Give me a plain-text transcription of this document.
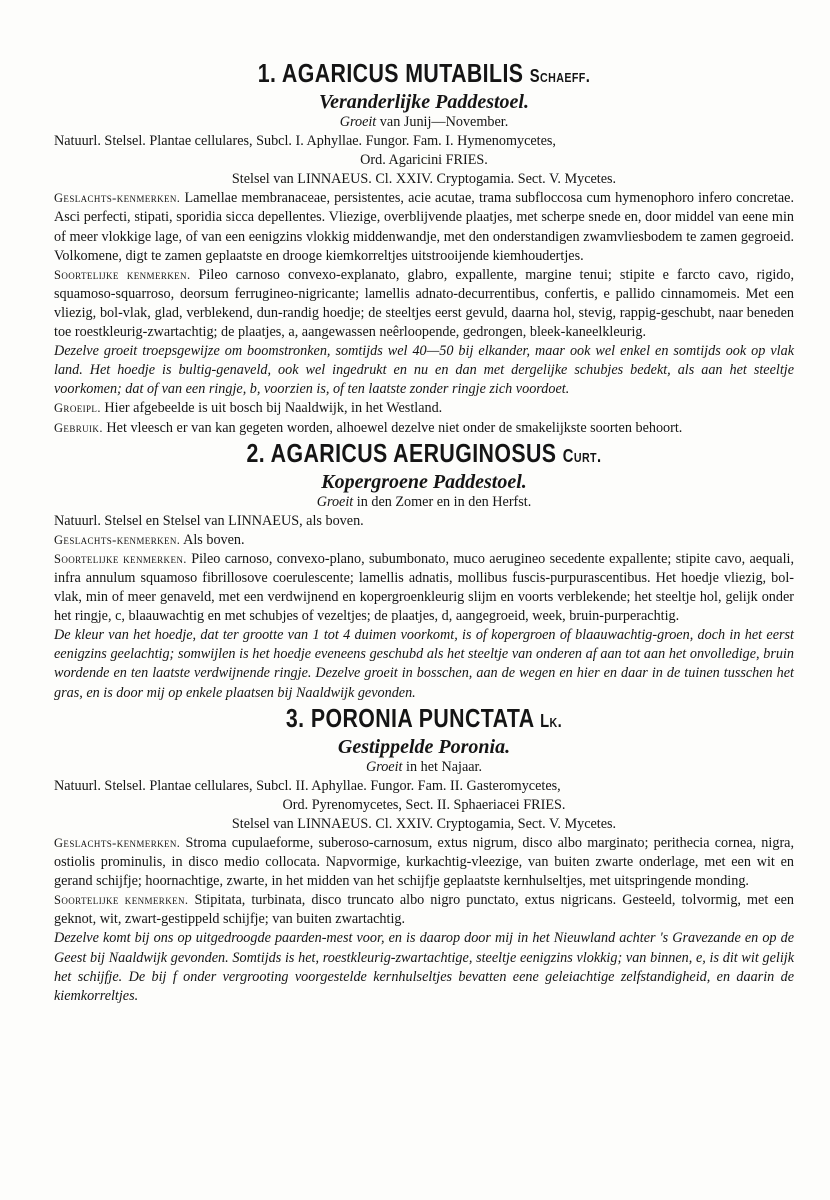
1. AGARICUS MUTABILIS Schaeff.
Veranderlijke Paddestoel.

Groeit van Junij—November.

Natuurl. Stelsel. Plantae cellulares, Subcl. I. Aphyllae. Fungor. Fam. I. Hymenomycetes,

Ord. Agaricini FRIES.

Stelsel van LINNAEUS. Cl. XXIV. Cryptogamia. Sect. V. Mycetes.

Geslachts-kenmerken. Lamellae membranaceae, persistentes, acie acutae, trama subfloccosa cum hymenophoro infero concretae. Asci perfecti, stipati, sporidia sicca depellentes. Vliezige, overblijvende plaatjes, met scherpe snede en, door middel van eene min of meer vlokkige lage, of van een eenigzins vlokkig middenwandje, met den onderstandigen zwamvliesbodem te zamen gegroeid. Volkomene, digt te zamen geplaatste en drooge kiemkorreltjes uitstrooijende kiemhoudertjes.

Soortelijke kenmerken. Pileo carnoso convexo-explanato, glabro, expallente, margine tenui; stipite e farcto cavo, rigido, squamoso-squarroso, deorsum ferrugineo-nigricante; lamellis adnato-decurrentibus, confertis, e pallido cinnamomeis. Met een vliezig, bol-vlak, glad, verblekend, dun-randig hoedje; de steeltjes eerst gevuld, daarna hol, stevig, rappig-geschubt, naar beneden toe roestkleurig-zwartachtig; de plaatjes, a, aangewassen neêrloopende, gedrongen, bleek-kaneelkleurig.

Dezelve groeit troepsgewijze om boomstronken, somtijds wel 40—50 bij elkander, maar ook wel enkel en somtijds ook op vlak land. Het hoedje is bultig-genaveld, ook wel ingedrukt en nu en dan met dergelijke schubjes bedekt, als aan het steeltje voorkomen; dat of van een ringje, b, voorzien is, of ten laatste zonder ringje zich voordoet.

Groeipl. Hier afgebeelde is uit bosch bij Naaldwijk, in het Westland.

Gebruik. Het vleesch er van kan gegeten worden, alhoewel dezelve niet onder de smakelijkste soorten behoort.

2. AGARICUS AERUGINOSUS Curt.
Kopergroene Paddestoel.

Groeit in den Zomer en in den Herfst.

Natuurl. Stelsel en Stelsel van LINNAEUS, als boven.

Geslachts-kenmerken. Als boven.

Soortelijke kenmerken. Pileo carnoso, convexo-plano, subumbonato, muco aerugineo secedente expallente; stipite cavo, aequali, infra annulum squamoso fibrillosove coerulescente; lamellis adnatis, mollibus fuscis-purpurascentibus. Het hoedje vliezig, bol-vlak, min of meer genaveld, met een verdwijnend en kopergroenkleurig slijm en voorts verblekende; het steeltje hol, gelijk onder het ringje, c, blaauwachtig en met schubjes of vezeltjes; de plaatjes, d, aangegroeid, week, bruin-purperachtig.

De kleur van het hoedje, dat ter grootte van 1 tot 4 duimen voorkomt, is of kopergroen of blaauwachtig-groen, doch in het eerst eenigzins geelachtig; somwijlen is het hoedje eveneens geschubd als het steeltje van onderen af aan tot aan het onvolledige, bruin wordende en ten laatste verdwijnende ringje. Dezelve groeit in bosschen, aan de wegen en hier en daar in de tuinen tusschen het gras, en is door mij op enkele plaatsen bij Naaldwijk gevonden.

3. PORONIA PUNCTATA Lk.
Gestippelde Poronia.

Groeit in het Najaar.

Natuurl. Stelsel. Plantae cellulares, Subcl. II. Aphyllae. Fungor. Fam. II. Gasteromycetes,

Ord. Pyrenomycetes, Sect. II. Sphaeriacei FRIES.

Stelsel van LINNAEUS. Cl. XXIV. Cryptogamia, Sect. V. Mycetes.

Geslachts-kenmerken. Stroma cupulaeforme, suberoso-carnosum, extus nigrum, disco albo marginato; perithecia cornea, nigra, ostiolis prominulis, in disco medio collocata. Napvormige, kurkachtig-vleezige, van buiten zwarte onderlage, met een wit en gerand schijfje; hoornachtige, zwarte, in het midden van het schijfje geplaatste kernhulseltjes, met uitspringende monding.

Soortelijke kenmerken. Stipitata, turbinata, disco truncato albo nigro punctato, extus nigricans. Gesteeld, tolvormig, met een geknot, wit, zwart-gestippeld schijfje; van buiten zwartachtig.

Dezelve komt bij ons op uitgedroogde paarden-mest voor, en is daarop door mij in het Nieuwland achter 's Gravezande en op de Geest bij Naaldwijk gevonden. Somtijds is het, roestkleurig-zwartachtige, steeltje eenigzins vlokkig; van binnen, e, is dit wit gelijk het schijfje. De bij f onder vergrooting voorgestelde kernhulseltjes bevatten eene geleiachtige zelfstandigheid, en daarin de kiemkorreltjes.
